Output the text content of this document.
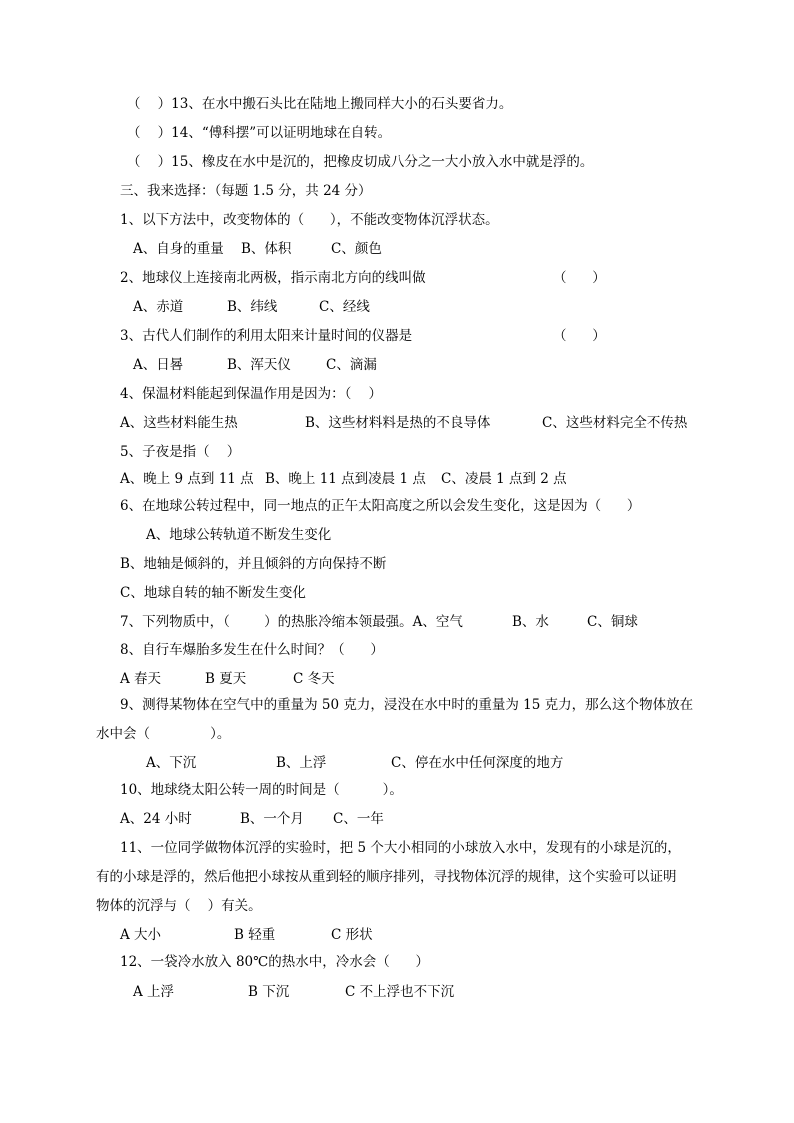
（    ）13、在水中搬石头比在陆地上搬同样大小的石头要省力。
（    ）14、“傅科摆”可以证明地球在自转。
（    ）15、橡皮在水中是沉的，把橡皮切成八分之一大小放入水中就是浮的。
三、我来选择：（每题 1.5 分，共 24 分）
1、以下方法中，改变物体的（      ），不能改变物体沉浮状态。
A、自身的重量 B、体积	C、颜色
2、地球仪上连接南北两极，指示南北方向的线叫做	（      ）
A、赤道	B、纬线	C、经线
3、古代人们制作的利用太阳来计量时间的仪器是	（      ）
A、日晷	B、浑天仪	C、滴漏
4、保温材料能起到保温作用是因为：（    ）
A、这些材料能生热	B、这些材料料是热的不良导体	C、这些材料完全不传热
5、子夜是指（    ）
A、晚上 9 点到 11 点 B、晚上 11 点到凌晨 1 点 C、凌晨 1 点到 2 点
6、在地球公转过程中，同一地点的正午太阳高度之所以会发生变化，这是因为（      ）
A、地球公转轨道不断发生变化
B、地轴是倾斜的，并且倾斜的方向保持不断
C、地球自转的轴不断发生变化
7、下列物质中，（        ）的热胀冷缩本领最强。A、空气	B、水	C、铜球
8、自行车爆胎多发生在什么时间？（      ）
A 春天	B 夏天	C 冬天
9、测得某物体在空气中的重量为 50 克力，浸没在水中时的重量为 15 克力，那么这个物体放在
水中会（              ）。
A、下沉	B、上浮	C、停在水中任何深度的地方
10、地球绕太阳公转一周的时间是（          ）。
A、24 小时	B、一个月 C、一年
11、一位同学做物体沉浮的实验时，把 5 个大小相同的小球放入水中，发现有的小球是沉的，
有的小球是浮的，然后他把小球按从重到轻的顺序排列，寻找物体沉浮的规律，这个实验可以证明
物体的沉浮与（    ）有关。
A 大小	B 轻重	C 形状
12、一袋冷水放入 80℃的热水中，冷水会（      ）
A 上浮	B 下沉	C 不上浮也不下沉
